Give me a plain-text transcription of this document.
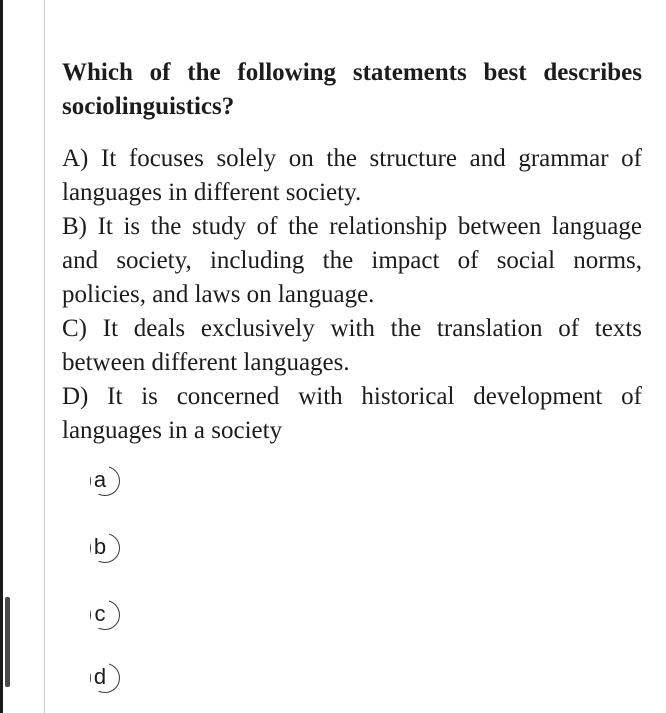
Which of the following statements best describes sociolinguistics?

A) It focuses solely on the structure and grammar of languages in different society.
B) It is the study of the relationship between language and society, including the impact of social norms, policies, and laws on language.
C) It deals exclusively with the translation of texts between different languages.
D) It is concerned with historical development of languages in a society
a
b
c
d
